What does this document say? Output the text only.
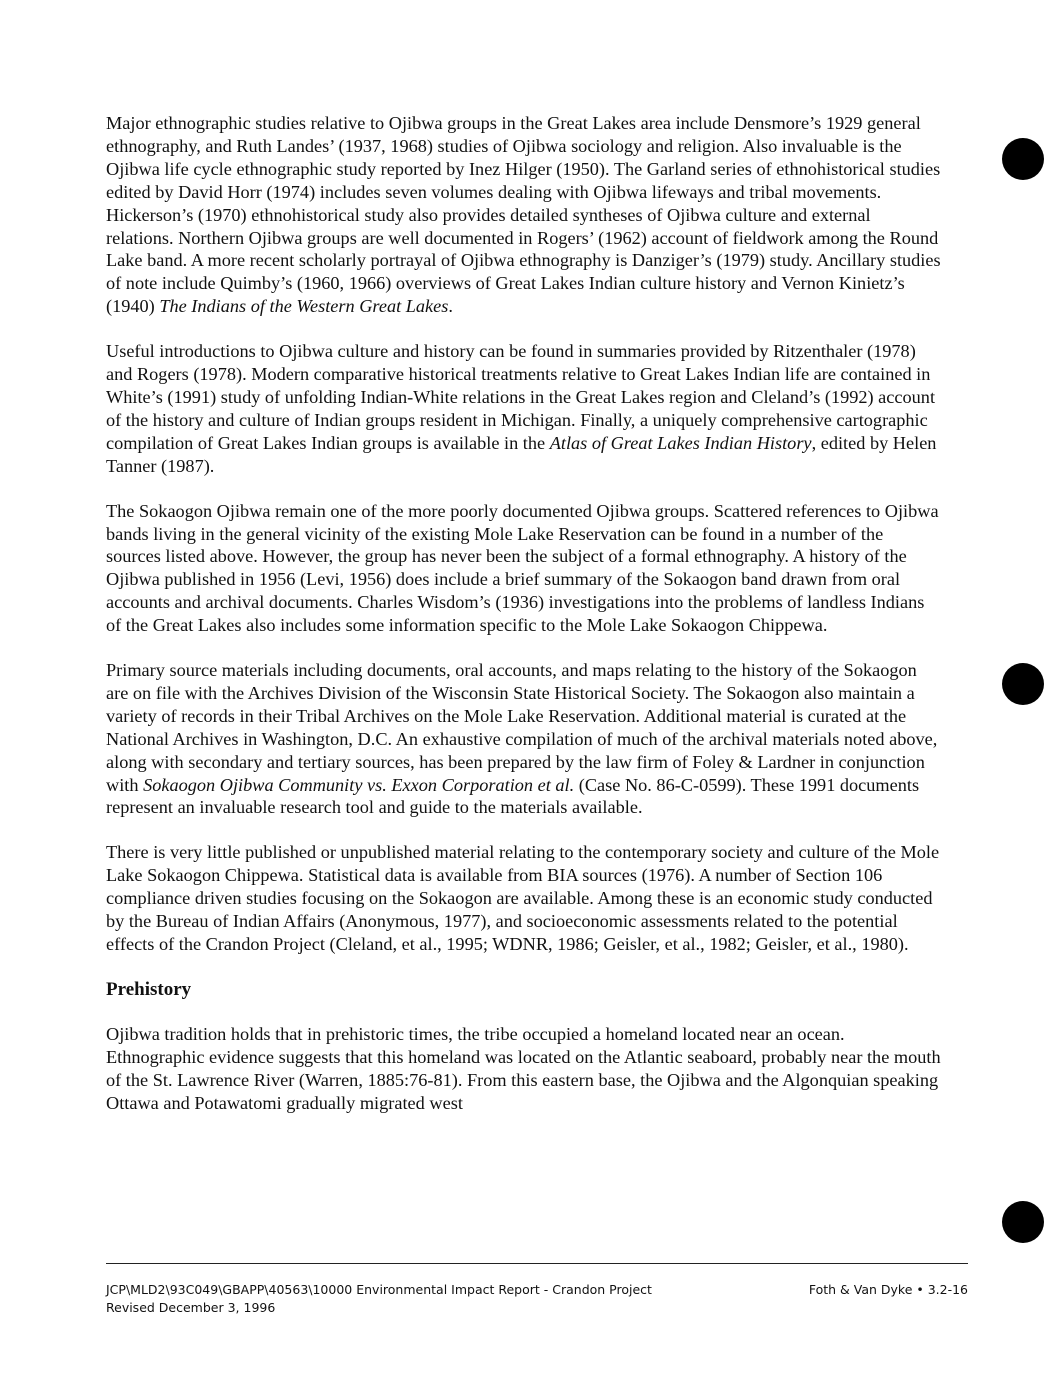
Major ethnographic studies relative to Ojibwa groups in the Great Lakes area include Densmore’s 1929 general ethnography, and Ruth Landes’ (1937, 1968) studies of Ojibwa sociology and religion. Also invaluable is the Ojibwa life cycle ethnographic study reported by Inez Hilger (1950). The Garland series of ethnohistorical studies edited by David Horr (1974) includes seven volumes dealing with Ojibwa lifeways and tribal movements. Hickerson’s (1970) ethnohistorical study also provides detailed syntheses of Ojibwa culture and external relations. Northern Ojibwa groups are well documented in Rogers’ (1962) account of fieldwork among the Round Lake band. A more recent scholarly portrayal of Ojibwa ethnography is Danziger’s (1979) study. Ancillary studies of note include Quimby’s (1960, 1966) overviews of Great Lakes Indian culture history and Vernon Kinietz’s (1940) The Indians of the Western Great Lakes.

Useful introductions to Ojibwa culture and history can be found in summaries provided by Ritzenthaler (1978) and Rogers (1978). Modern comparative historical treatments relative to Great Lakes Indian life are contained in White’s (1991) study of unfolding Indian-White relations in the Great Lakes region and Cleland’s (1992) account of the history and culture of Indian groups resident in Michigan. Finally, a uniquely comprehensive cartographic compilation of Great Lakes Indian groups is available in the Atlas of Great Lakes Indian History, edited by Helen Tanner (1987).

The Sokaogon Ojibwa remain one of the more poorly documented Ojibwa groups. Scattered references to Ojibwa bands living in the general vicinity of the existing Mole Lake Reservation can be found in a number of the sources listed above. However, the group has never been the subject of a formal ethnography. A history of the Ojibwa published in 1956 (Levi, 1956) does include a brief summary of the Sokaogon band drawn from oral accounts and archival documents. Charles Wisdom’s (1936) investigations into the problems of landless Indians of the Great Lakes also includes some information specific to the Mole Lake Sokaogon Chippewa.

Primary source materials including documents, oral accounts, and maps relating to the history of the Sokaogon are on file with the Archives Division of the Wisconsin State Historical Society. The Sokaogon also maintain a variety of records in their Tribal Archives on the Mole Lake Reservation. Additional material is curated at the National Archives in Washington, D.C. An exhaustive compilation of much of the archival materials noted above, along with secondary and tertiary sources, has been prepared by the law firm of Foley & Lardner in conjunction with Sokaogon Ojibwa Community vs. Exxon Corporation et al. (Case No. 86-C-0599). These 1991 documents represent an invaluable research tool and guide to the materials available.

There is very little published or unpublished material relating to the contemporary society and culture of the Mole Lake Sokaogon Chippewa. Statistical data is available from BIA sources (1976). A number of Section 106 compliance driven studies focusing on the Sokaogon are available. Among these is an economic study conducted by the Bureau of Indian Affairs (Anonymous, 1977), and socioeconomic assessments related to the potential effects of the Crandon Project (Cleland, et al., 1995; WDNR, 1986; Geisler, et al., 1982; Geisler, et al., 1980).

Prehistory

Ojibwa tradition holds that in prehistoric times, the tribe occupied a homeland located near an ocean. Ethnographic evidence suggests that this homeland was located on the Atlantic seaboard, probably near the mouth of the St. Lawrence River (Warren, 1885:76-81). From this eastern base, the Ojibwa and the Algonquian speaking Ottawa and Potawatomi gradually migrated west

JCP\MLD2\93C049\GBAPP\40563\10000 Environmental Impact Report - Crandon Project
Revised December 3, 1996
Foth & Van Dyke • 3.2-16
